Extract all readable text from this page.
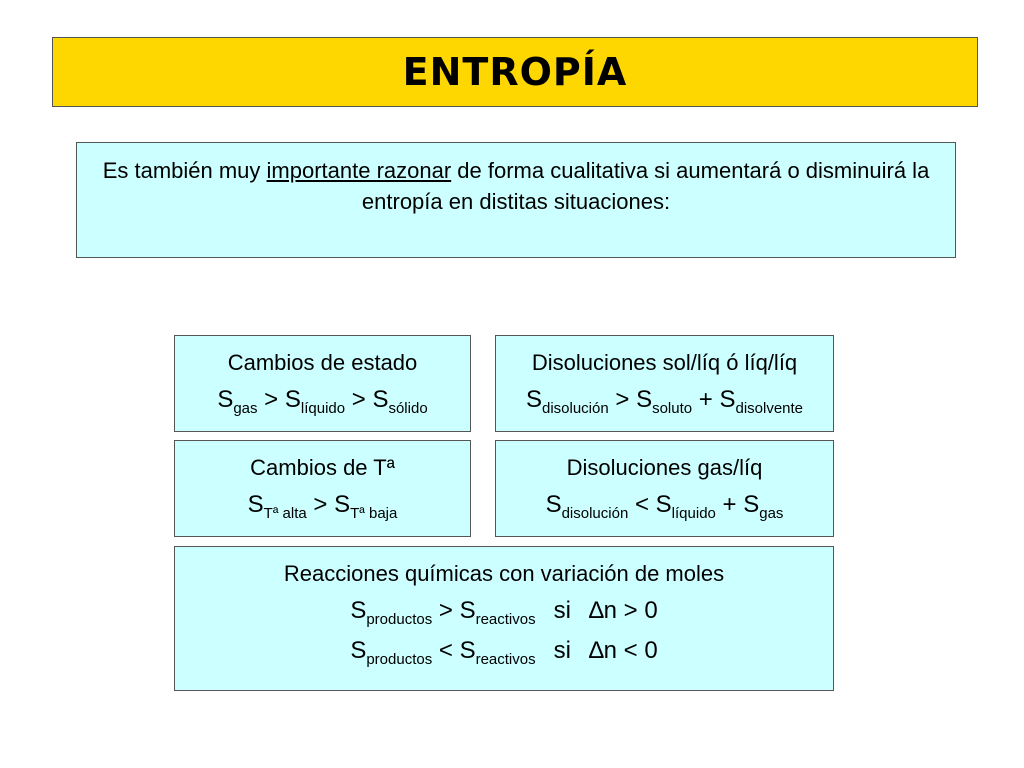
ENTROPÍA
Es también muy importante razonar de forma cualitativa si aumentará o disminuirá la entropía en distitas situaciones:
Cambios de estado
$S_{gas} > S_{líquido} > S_{sólido}$
Disoluciones sol/líq ó líq/líq
$S_{disolución} > S_{soluto} + S_{disolvente}$
Cambios de Tª
$S_{Tª alta} > S_{Tª baja}$
Disoluciones gas/líq
$S_{disolución} < S_{líquido} + S_{gas}$
Reacciones químicas con variación de moles
$S_{productos} > S_{reactivos}$ si ∆n > 0
$S_{productos} < S_{reactivos}$ si ∆n < 0
